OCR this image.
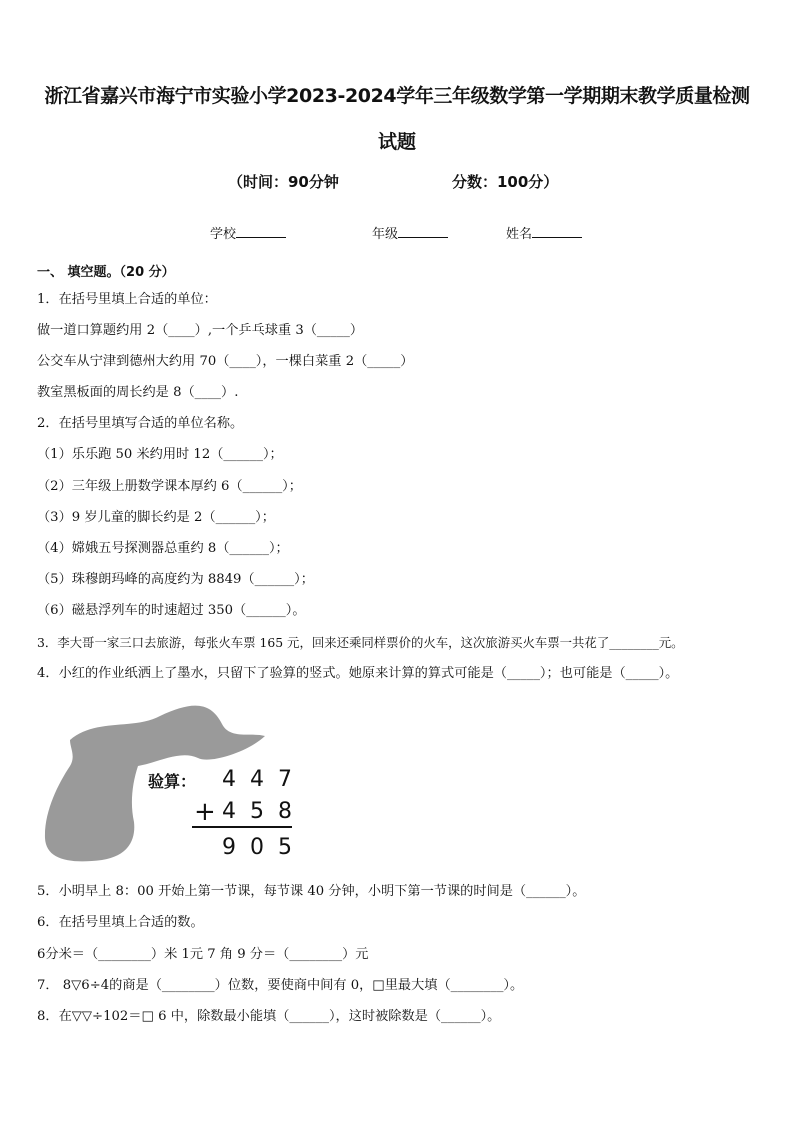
浙江省嘉兴市海宁市实验小学2023-2024学年三年级数学第一学期期末教学质量检测
试题
（时间：90分钟	分数：100分）
学校	年级	姓名
一、 填空题。（20 分）
1．在括号里填上合适的单位：
做一道口算题约用 2（____）,一个乒乓球重 3（_____）
公交车从宁津到德州大约用 70（____），一棵白菜重 2（_____）
教室黑板面的周长约是 8（____）.
2．在括号里填写合适的单位名称。
（1）乐乐跑 50 米约用时 12（______）；
（2）三年级上册数学课本厚约 6（______）；
（3）9 岁儿童的脚长约是 2（______）；
（4）嫦娥五号探测器总重约 8（______）；
（5）珠穆朗玛峰的高度约为 8849（______）；
（6）磁悬浮列车的时速超过 350（______）。
3．李大哥一家三口去旅游，每张火车票 165 元，回来还乘同样票价的火车，这次旅游买火车票一共花了________元。
4．小红的作业纸洒上了墨水，只留下了验算的竖式。她原来计算的算式可能是（_____）；也可能是（_____）。
验算： 447
+ 458
905
5．小明早上 8：00 开始上第一节课，每节课 40 分钟，小明下第一节课的时间是（______）。
6．在括号里填上合适的数。
6分米＝（________）米 1元 7 角 9 分＝（________）元
7． 8▽6÷4的商是（________）位数，要使商中间有 0，□里最大填（________）。
8．在▽▽÷102＝□ 6 中，除数最小能填（______），这时被除数是（______）。
